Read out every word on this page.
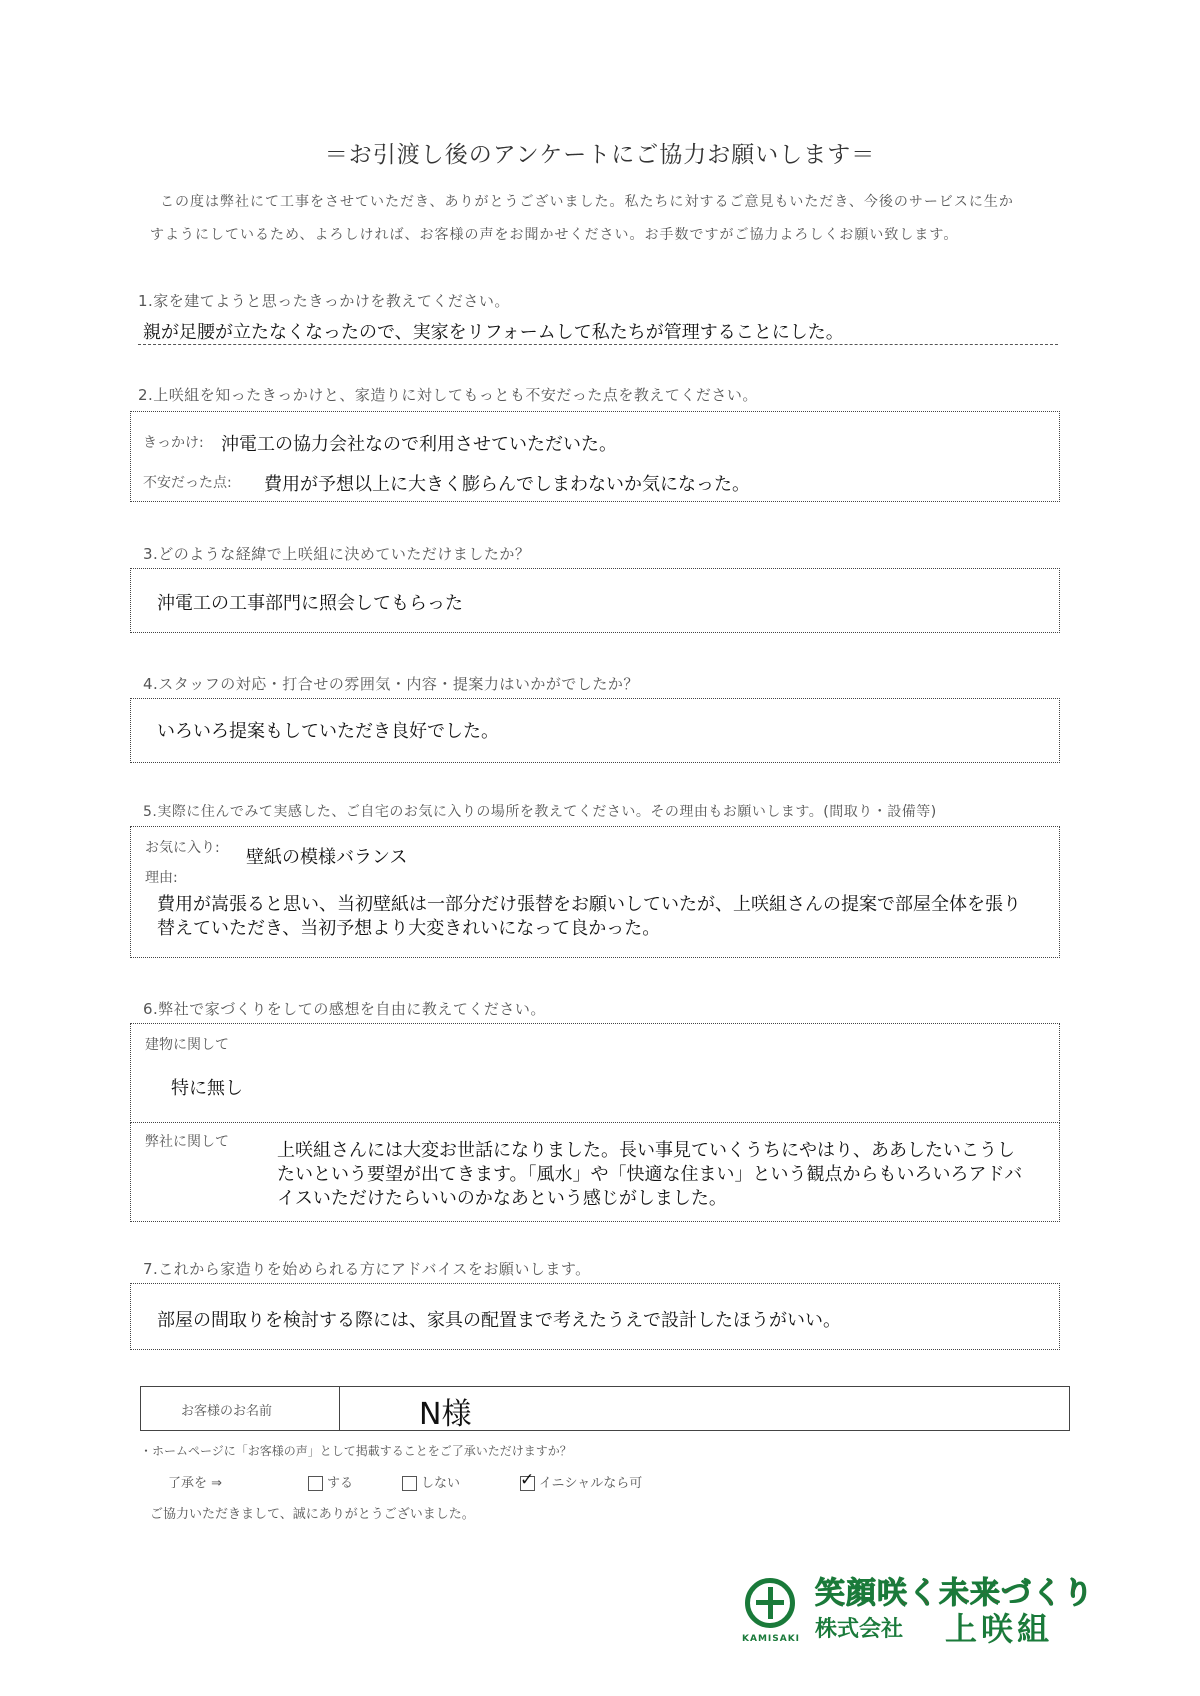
＝お引渡し後のアンケートにご協力お願いします＝
この度は弊社にて工事をさせていただき、ありがとうございました。私たちに対するご意見もいただき、今後のサービスに生か
すようにしているため、よろしければ、お客様の声をお聞かせください。お手数ですがご協力よろしくお願い致します。
1.家を建てようと思ったきっかけを教えてください。
親が足腰が立たなくなったので、実家をリフォームして私たちが管理することにした。
2.上咲組を知ったきっかけと、家造りに対してもっとも不安だった点を教えてください。
きっかけ: 沖電工の協力会社なので利用させていただいた。
不安だった点: 費用が予想以上に大きく膨らんでしまわないか気になった。
3.どのような経緯で上咲組に決めていただけましたか？
沖電工の工事部門に照会してもらった
4.スタッフの対応・打合せの雰囲気・内容・提案力はいかがでしたか？
いろいろ提案もしていただき良好でした。
5.実際に住んでみて実感した、ご自宅のお気に入りの場所を教えてください。その理由もお願いします。(間取り・設備等)
お気に入り: 壁紙の模様バランス
理由:
費用が嵩張ると思い、当初壁紙は一部分だけ張替をお願いしていたが、上咲組さんの提案で部屋全体を張り替えていただき、当初予想より大変きれいになって良かった。
6.弊社で家づくりをしての感想を自由に教えてください。
建物に関して
特に無し
弊社に関して	上咲組さんには大変お世話になりました。長い事見ていくうちにやはり、ああしたいこうしたいという要望が出てきます。「風水」や「快適な住まい」という観点からもいろいろアドバイスいただけたらいいのかなあという感じがしました。
7.これから家造りを始められる方にアドバイスをお願いします。
部屋の間取りを検討する際には、家具の配置まで考えたうえで設計したほうがいい。
お客様のお名前	N様
・ホームページに「お客様の声」として掲載することをご了承いただけますか？
了承を ⇒	する	しない
✓	イニシャルなら可
ご協力いただきまして、誠にありがとうございました。
KAMISAKI
笑顔咲く未来づくり
株式会社 上咲組
